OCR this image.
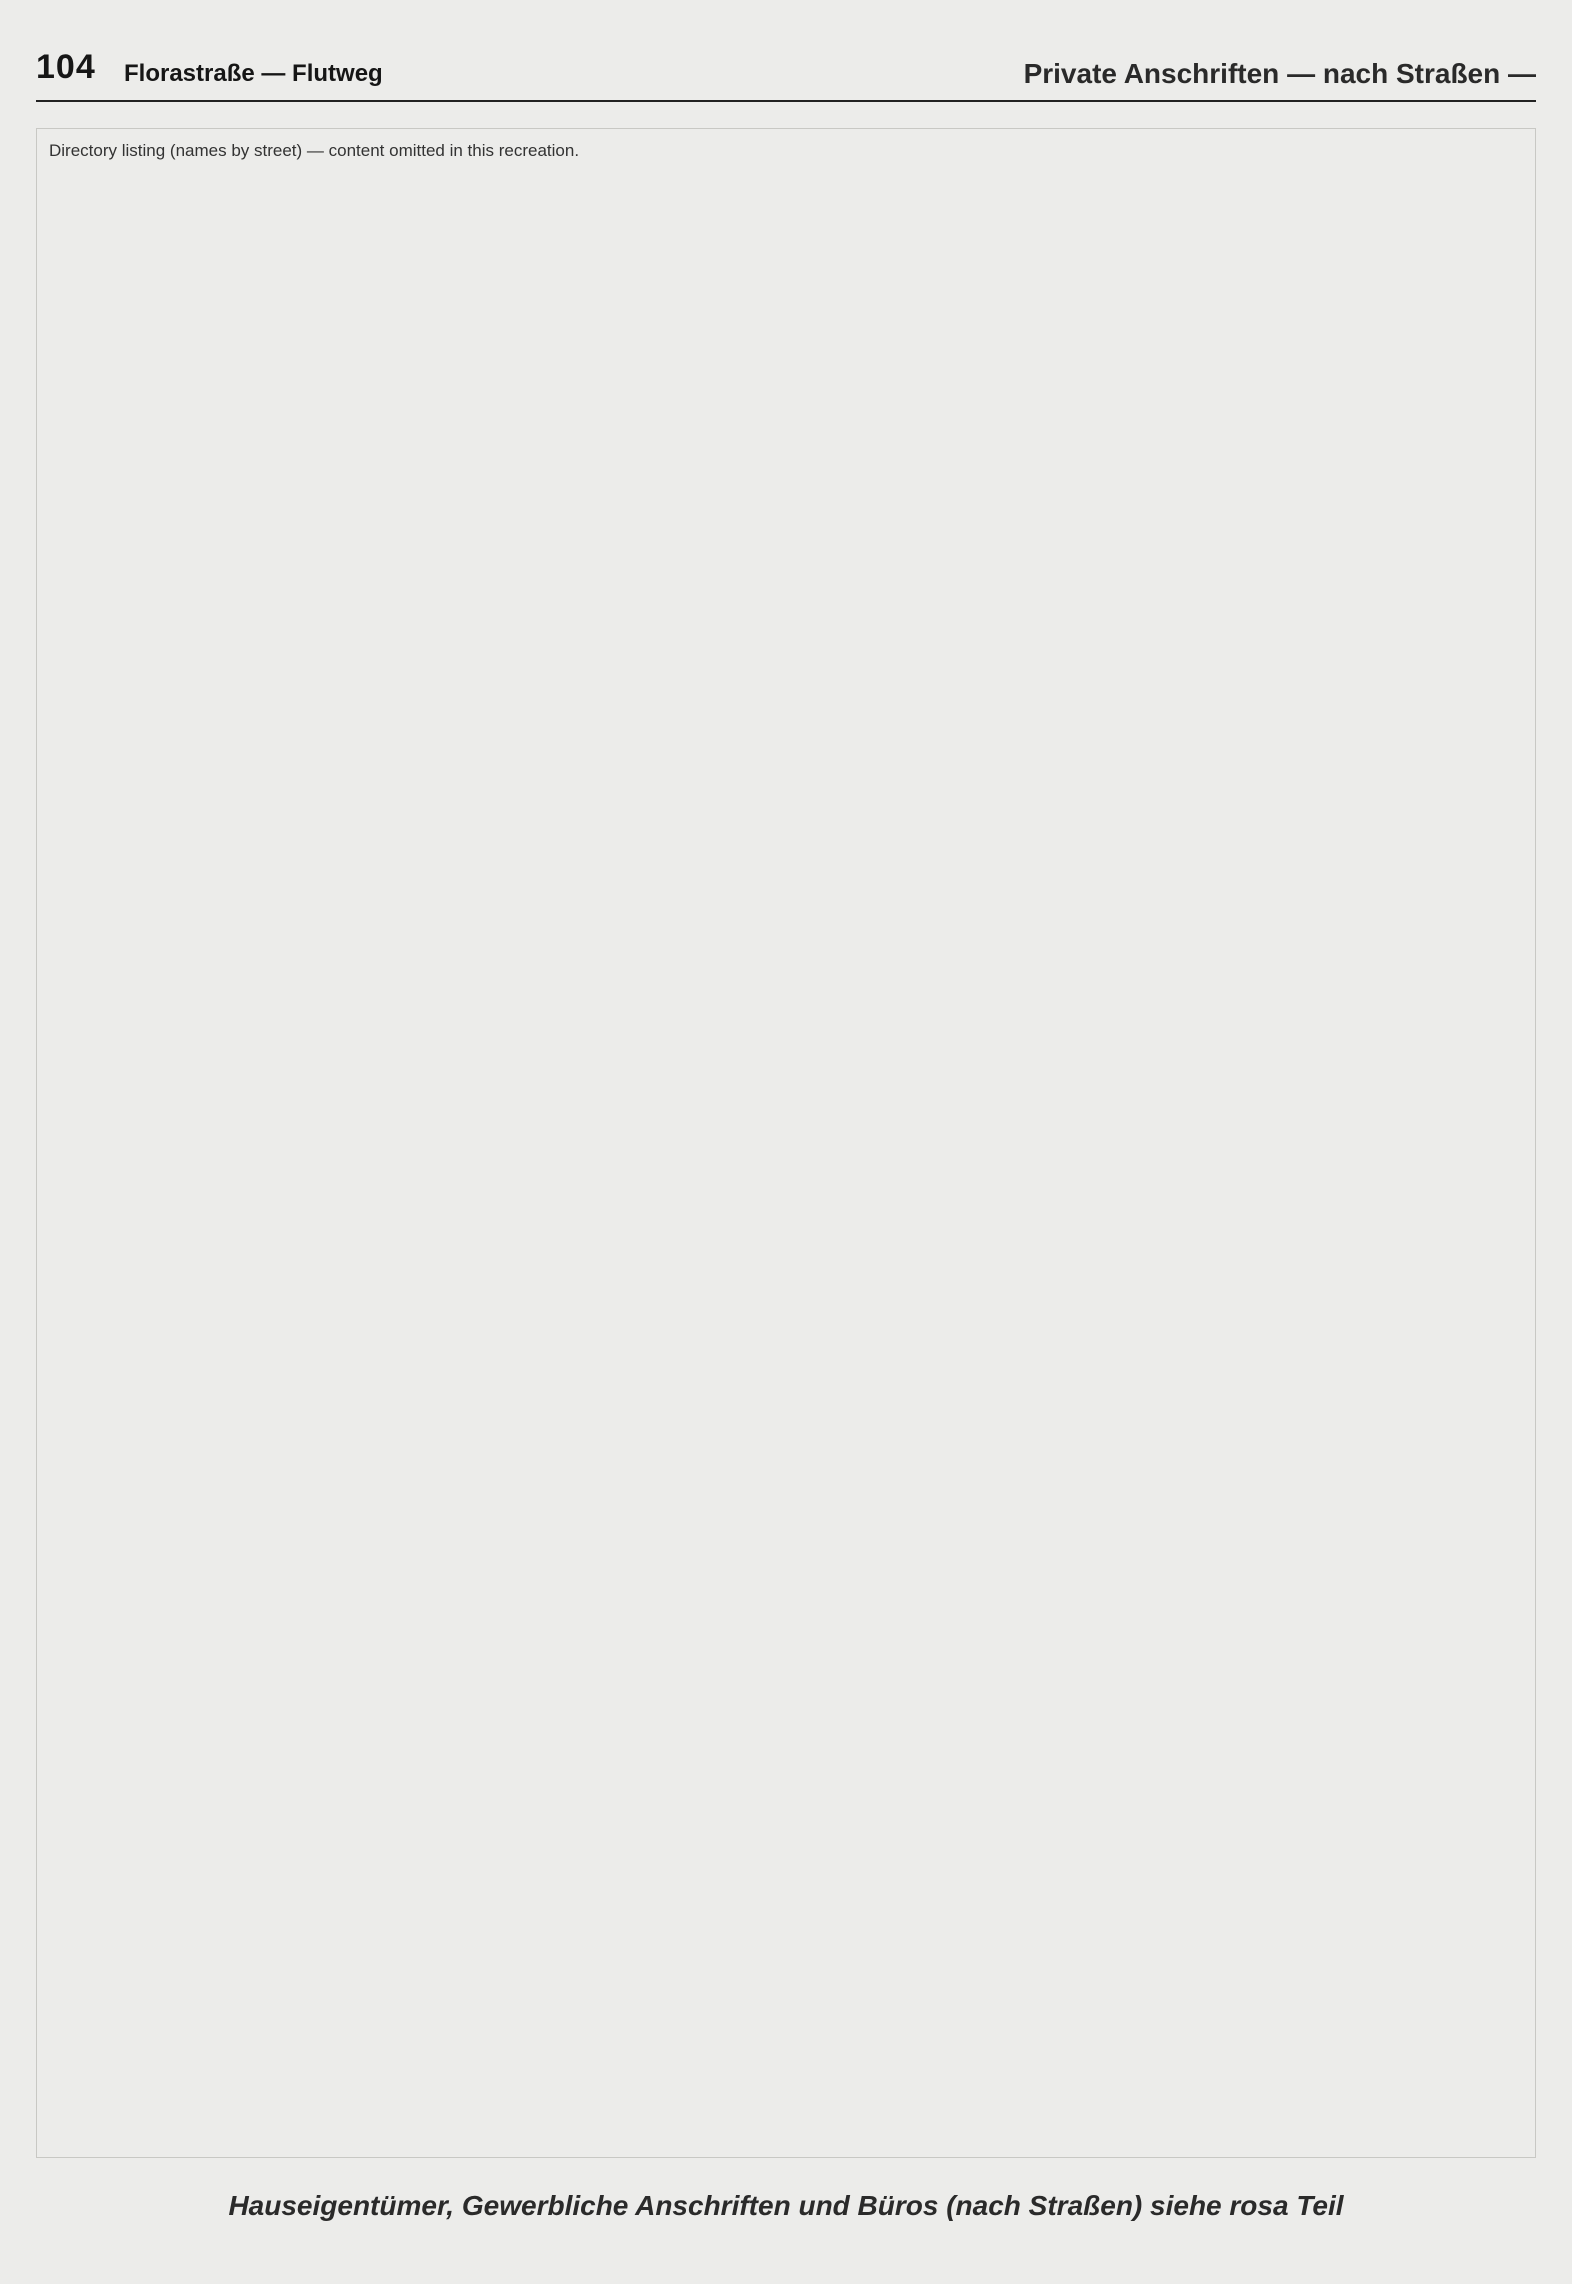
104 Florastraße — Flutweg	Private Anschriften — nach Straßen —
Directory listing (names by street) — content omitted in this recreation.
Hauseigentümer, Gewerbliche Anschriften und Büros (nach Straßen) siehe rosa Teil
